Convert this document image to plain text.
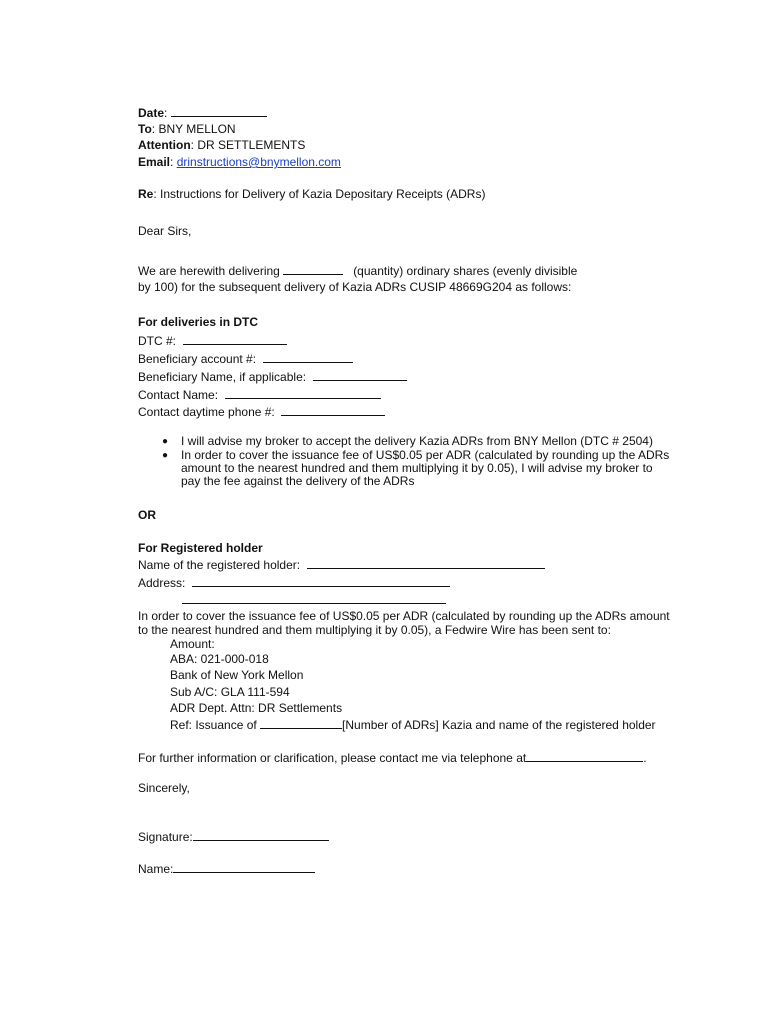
Date:
To: BNY MELLON
Attention: DR SETTLEMENTS
Email: drinstructions@bnymellon.com
Re: Instructions for Delivery of Kazia Depositary Receipts (ADRs)
Dear Sirs,
We are herewith delivering	(quantity) ordinary shares (evenly divisible
by 100) for the subsequent delivery of Kazia ADRs CUSIP 48669G204 as follows:
For deliveries in DTC
DTC #:
Beneficiary account #:
Beneficiary Name, if applicable:
Contact Name:
Contact daytime phone #:
● I will advise my broker to accept the delivery Kazia ADRs from BNY Mellon (DTC # 2504)
● In order to cover the issuance fee of US$0.05 per ADR (calculated by rounding up the ADRs
amount to the nearest hundred and them multiplying it by 0.05), I will advise my broker to
pay the fee against the delivery of the ADRs
OR
For Registered holder
Name of the registered holder:
Address:
In order to cover the issuance fee of US$0.05 per ADR (calculated by rounding up the ADRs amount
to the nearest hundred and them multiplying it by 0.05), a Fedwire Wire has been sent to:
Amount:
ABA: 021-000-018
Bank of New York Mellon
Sub A/C: GLA 111-594
ADR Dept. Attn: DR Settlements
Ref: Issuance of	[Number of ADRs] Kazia and name of the registered holder
For further information or clarification, please contact me via telephone at	.
Sincerely,
Signature:
Name:
